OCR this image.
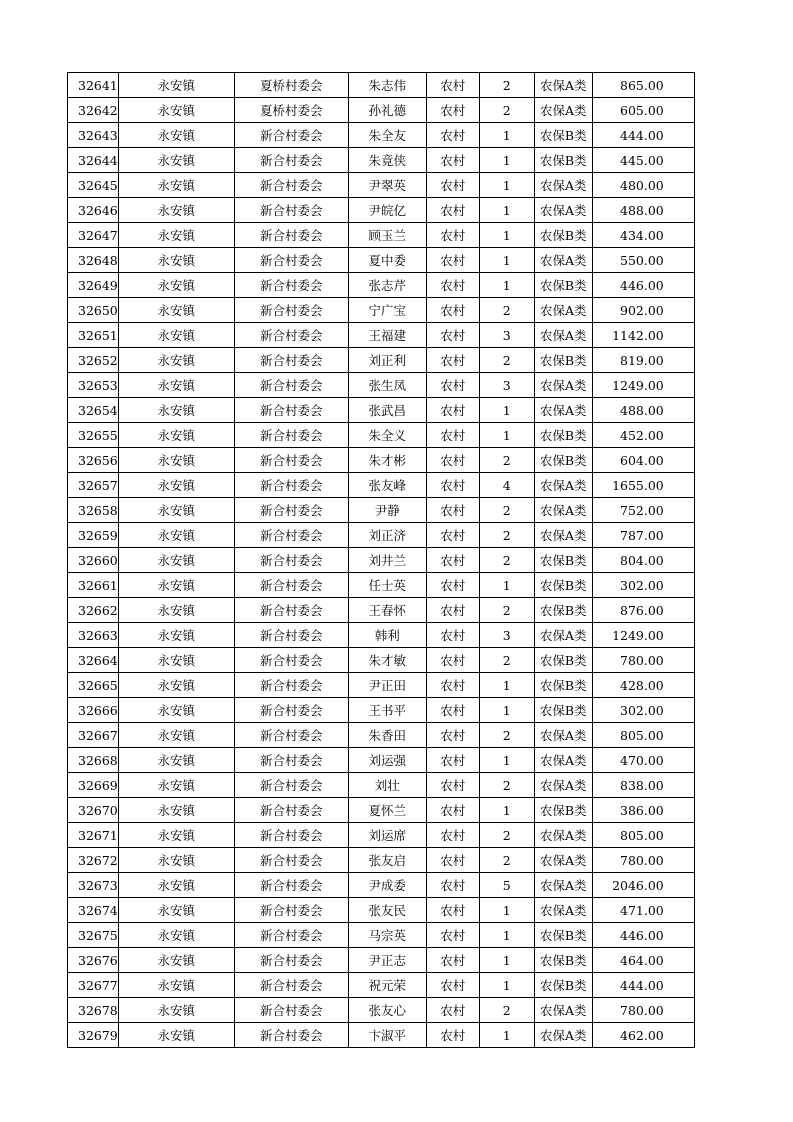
32641	永安镇	夏桥村委会	朱志伟	农村	2	农保A类	865.00
32642	永安镇	夏桥村委会	孙礼德	农村	2	农保A类	605.00
32643	永安镇	新合村委会	朱全友	农村	1	农保B类	444.00
32644	永安镇	新合村委会	朱竟侠	农村	1	农保B类	445.00
32645	永安镇	新合村委会	尹翠英	农村	1	农保A类	480.00
32646	永安镇	新合村委会	尹皖亿	农村	1	农保A类	488.00
32647	永安镇	新合村委会	顾玉兰	农村	1	农保B类	434.00
32648	永安镇	新合村委会	夏中委	农村	1	农保A类	550.00
32649	永安镇	新合村委会	张志芹	农村	1	农保B类	446.00
32650	永安镇	新合村委会	宁广宝	农村	2	农保A类	902.00
32651	永安镇	新合村委会	王福建	农村	3	农保A类	1142.00
32652	永安镇	新合村委会	刘正利	农村	2	农保B类	819.00
32653	永安镇	新合村委会	张生凤	农村	3	农保A类	1249.00
32654	永安镇	新合村委会	张武昌	农村	1	农保A类	488.00
32655	永安镇	新合村委会	朱全义	农村	1	农保B类	452.00
32656	永安镇	新合村委会	朱才彬	农村	2	农保B类	604.00
32657	永安镇	新合村委会	张友峰	农村	4	农保A类	1655.00
32658	永安镇	新合村委会	尹静	农村	2	农保A类	752.00
32659	永安镇	新合村委会	刘正济	农村	2	农保A类	787.00
32660	永安镇	新合村委会	刘井兰	农村	2	农保B类	804.00
32661	永安镇	新合村委会	任士英	农村	1	农保B类	302.00
32662	永安镇	新合村委会	王春怀	农村	2	农保B类	876.00
32663	永安镇	新合村委会	韩利	农村	3	农保A类	1249.00
32664	永安镇	新合村委会	朱才敏	农村	2	农保B类	780.00
32665	永安镇	新合村委会	尹正田	农村	1	农保B类	428.00
32666	永安镇	新合村委会	王书平	农村	1	农保B类	302.00
32667	永安镇	新合村委会	朱香田	农村	2	农保A类	805.00
32668	永安镇	新合村委会	刘运强	农村	1	农保A类	470.00
32669	永安镇	新合村委会	刘壮	农村	2	农保A类	838.00
32670	永安镇	新合村委会	夏怀兰	农村	1	农保B类	386.00
32671	永安镇	新合村委会	刘运席	农村	2	农保A类	805.00
32672	永安镇	新合村委会	张友启	农村	2	农保A类	780.00
32673	永安镇	新合村委会	尹成委	农村	5	农保A类	2046.00
32674	永安镇	新合村委会	张友民	农村	1	农保A类	471.00
32675	永安镇	新合村委会	马宗英	农村	1	农保B类	446.00
32676	永安镇	新合村委会	尹正志	农村	1	农保B类	464.00
32677	永安镇	新合村委会	祝元荣	农村	1	农保B类	444.00
32678	永安镇	新合村委会	张友心	农村	2	农保A类	780.00
32679	永安镇	新合村委会	卞淑平	农村	1	农保A类	462.00
